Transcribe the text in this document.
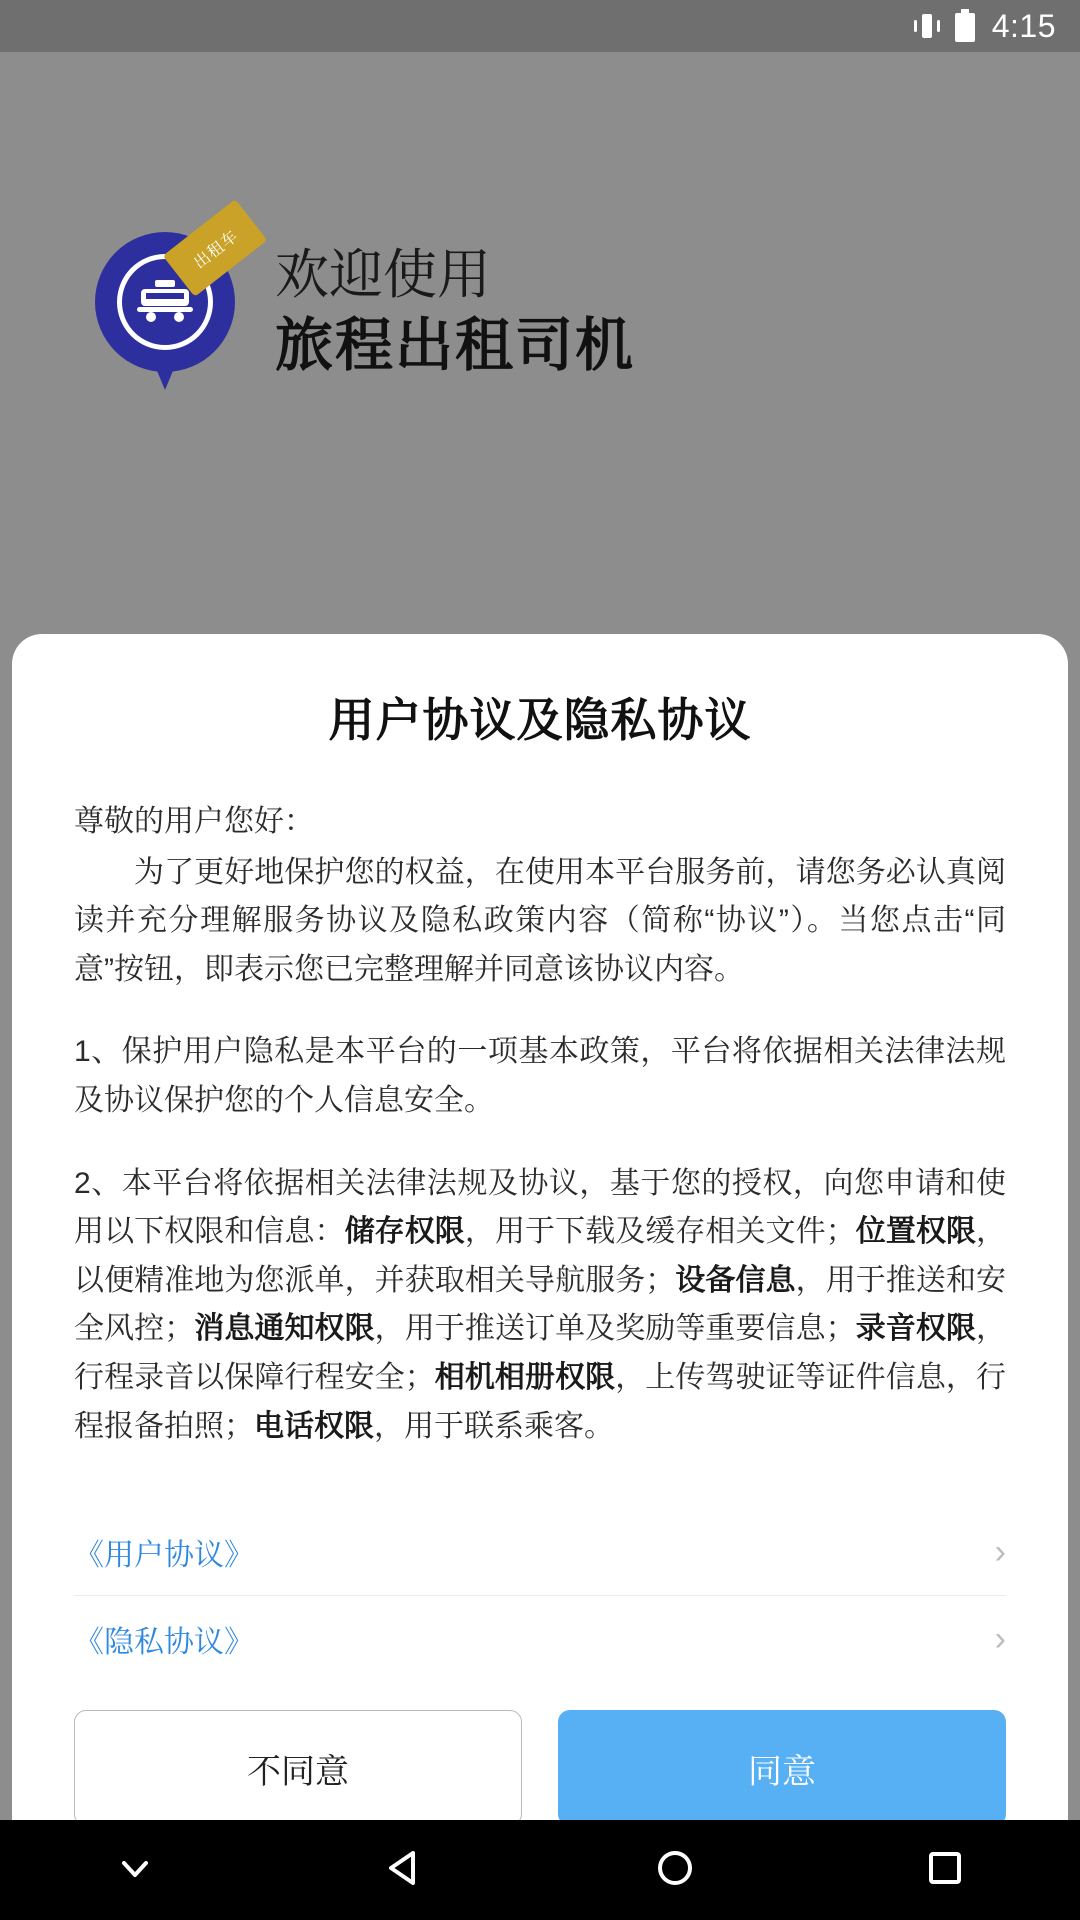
4:15
出租车 欢迎使用
旅程出租司机
用户协议及隐私协议
尊敬的用户您好：
为了更好地保护您的权益，在使用本平台服务前，请您务必认真阅读并充分理解服务协议及隐私政策内容（简称“协议”）。当您点击“同意”按钮，即表示您已完整理解并同意该协议内容。
1、保护用户隐私是本平台的一项基本政策，平台将依据相关法律法规及协议保护您的个人信息安全。
2、本平台将依据相关法律法规及协议，基于您的授权，向您申请和使用以下权限和信息：储存权限，用于下载及缓存相关文件；位置权限，以便精准地为您派单，并获取相关导航服务；设备信息，用于推送和安全风控；消息通知权限，用于推送订单及奖励等重要信息；录音权限，行程录音以保障行程安全；相机相册权限，上传驾驶证等证件信息，行程报备拍照；电话权限，用于联系乘客。
《用户协议》	›
《隐私协议》	›
不同意	同意
